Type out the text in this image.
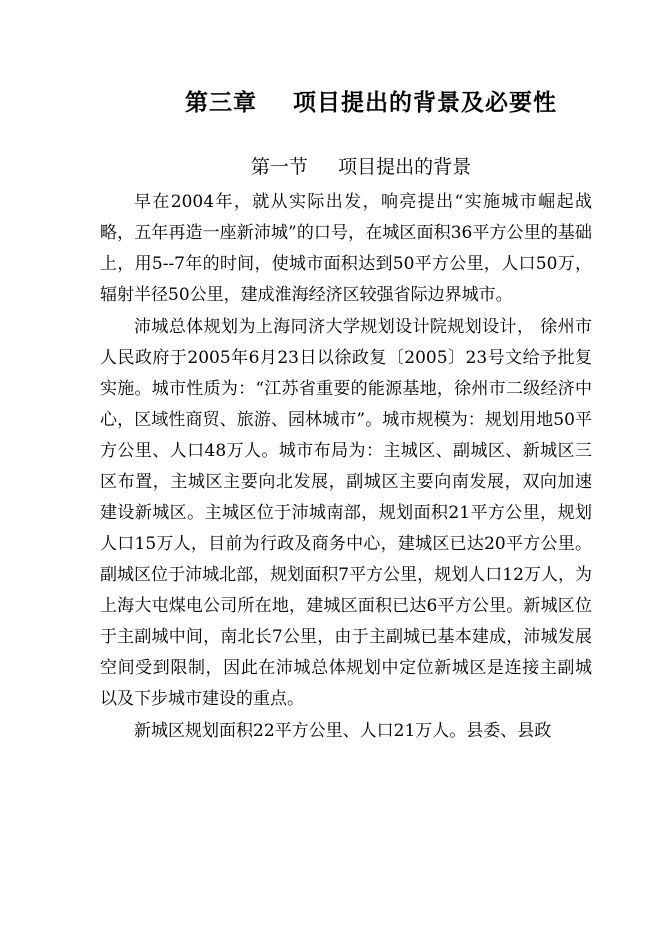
第三章    项目提出的背景及必要性
第一节     项目提出的背景

早在2004年，就从实际出发，响亮提出“实施城市崛起战略，五年再造一座新沛城”的口号，在城区面积36平方公里的基础上，用5--7年的时间，使城市面积达到50平方公里，人口50万，辐射半径50公里，建成淮海经济区较强省际边界城市。

沛城总体规划为上海同济大学规划设计院规划设计， 徐州市人民政府于2005年6月23日以徐政复〔2005〕23号文给予批复实施。城市性质为：“江苏省重要的能源基地，徐州市二级经济中心，区域性商贸、旅游、园林城市”。城市规模为：规划用地50平方公里、人口48万人。城市布局为：主城区、副城区、新城区三区布置，主城区主要向北发展，副城区主要向南发展，双向加速建设新城区。主城区位于沛城南部，规划面积21平方公里，规划人口15万人，目前为行政及商务中心，建城区已达20平方公里。 副城区位于沛城北部，规划面积7平方公里，规划人口12万人，为上海大屯煤电公司所在地，建城区面积已达6平方公里。新城区位于主副城中间，南北长7公里，由于主副城已基本建成，沛城发展空间受到限制，因此在沛城总体规划中定位新城区是连接主副城以及下步城市建设的重点。

新城区规划面积22平方公里、人口21万人。县委、县政
